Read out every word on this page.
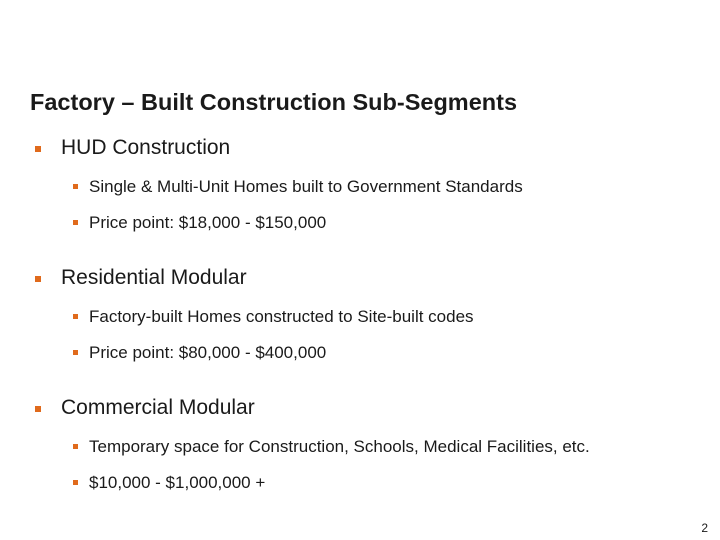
Factory – Built Construction Sub-Segments
HUD Construction
Single & Multi-Unit Homes built to Government Standards
Price point: $18,000 - $150,000
Residential Modular
Factory-built Homes constructed to Site-built codes
Price point: $80,000 - $400,000
Commercial Modular
Temporary space for Construction, Schools, Medical Facilities, etc.
$10,000 - $1,000,000 +
2
